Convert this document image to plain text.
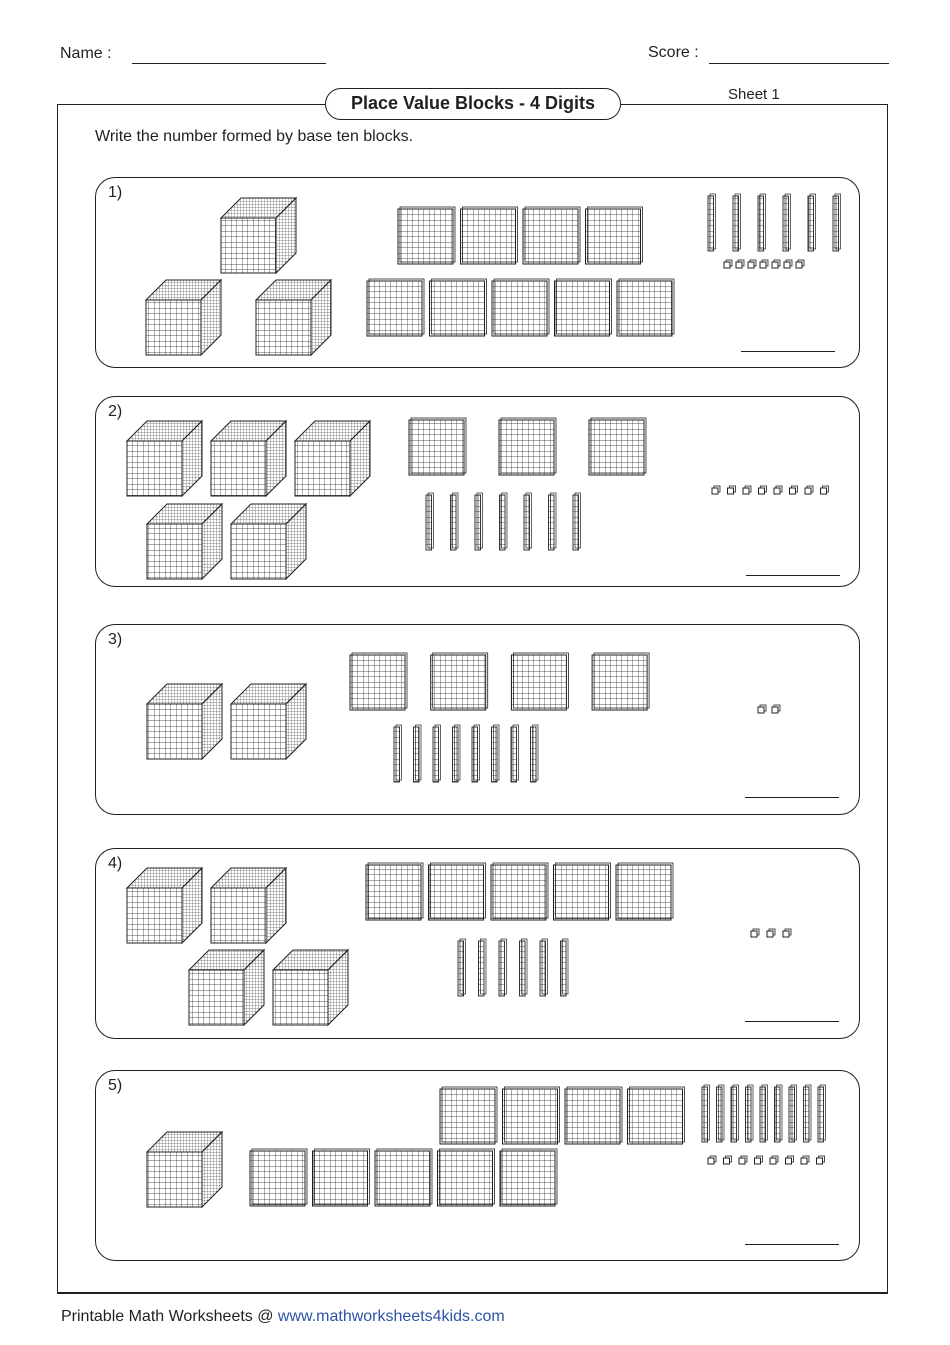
Name :	Score :
Place Value Blocks - 4 Digits	Sheet 1
Write the number formed by base ten blocks.
1)
2)
3)
4)
5)
Printable Math Worksheets @ www.mathworksheets4kids.com
